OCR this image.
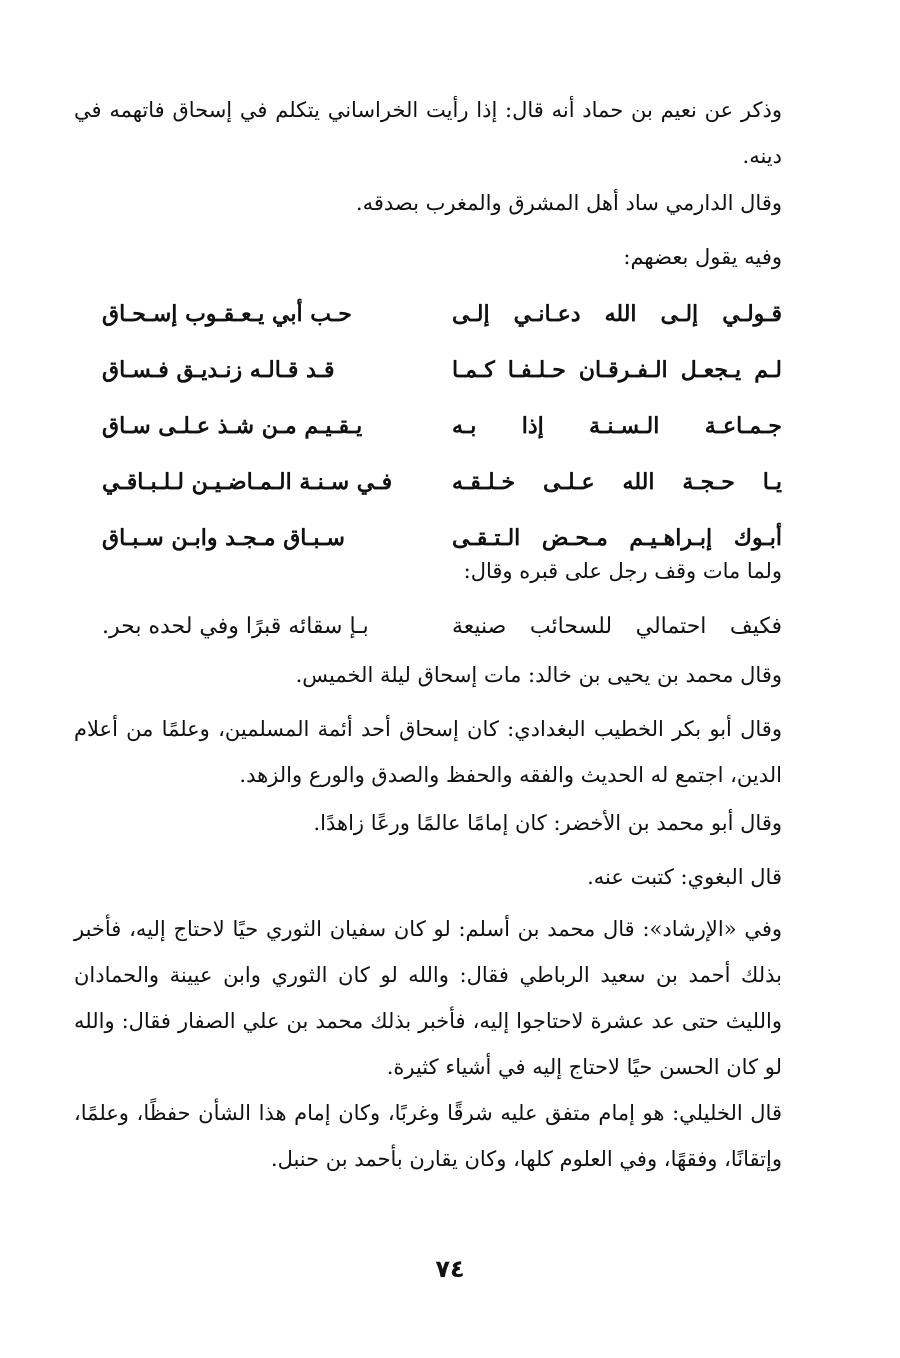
وذكر عن نعيم بن حماد أنه قال: إذا رأيت الخراساني يتكلم في إسحاق فاتهمه في دينه.

وقال الدارمي ساد أهل المشرق والمغرب بصدقه.

وفيه يقول بعضهم:

قـولـي إلـى الله دعـانـي إلـى
حـب أبي يـعـقـوب إسـحـاق
لـم يـجعـل الـفـرقـان حـلـفـا كـمـا
قـد قـالـه زنـديـق فـسـاق
جـمـاعـة الـسـنـة إذا بـه
يـقـيـم مـن شـذ عـلـى سـاق
يـا حـجـة الله عـلـى خـلـقـه
فـي سـنـة الـمـاضـيـن لـلـبـاقـي
أبـوك إبـراهـيـم مـحـض الـتـقـى
سـبـاق مـجـد وابـن سـبـاق

ولما مات وقف رجل على قبره وقال:

فكيف احتمالي للسحائب صنيعة
بـإ سقائه قبرًا وفي لحده بحر.

وقال محمد بن يحيى بن خالد: مات إسحاق ليلة الخميس.

وقال أبو بكر الخطيب البغدادي: كان إسحاق أحد أئمة المسلمين، وعلمًا من أعلام الدين، اجتمع له الحديث والفقه والحفظ والصدق والورع والزهد.

وقال أبو محمد بن الأخضر: كان إمامًا عالمًا ورعًا زاهدًا.

قال البغوي: كتبت عنه.

وفي «الإرشاد»: قال محمد بن أسلم: لو كان سفيان الثوري حيًا لاحتاج إليه، فأخبر بذلك أحمد بن سعيد الرباطي فقال: والله لو كان الثوري وابن عيينة والحمادان والليث حتى عد عشرة لاحتاجوا إليه، فأخبر بذلك محمد بن علي الصفار فقال: والله لو كان الحسن حيًا لاحتاج إليه في أشياء كثيرة.

قال الخليلي: هو إمام متفق عليه شرقًا وغربًا، وكان إمام هذا الشأن حفظًا، وعلمًا، وإتقانًا، وفقهًا، وفي العلوم كلها، وكان يقارن بأحمد بن حنبل.

٧٤
